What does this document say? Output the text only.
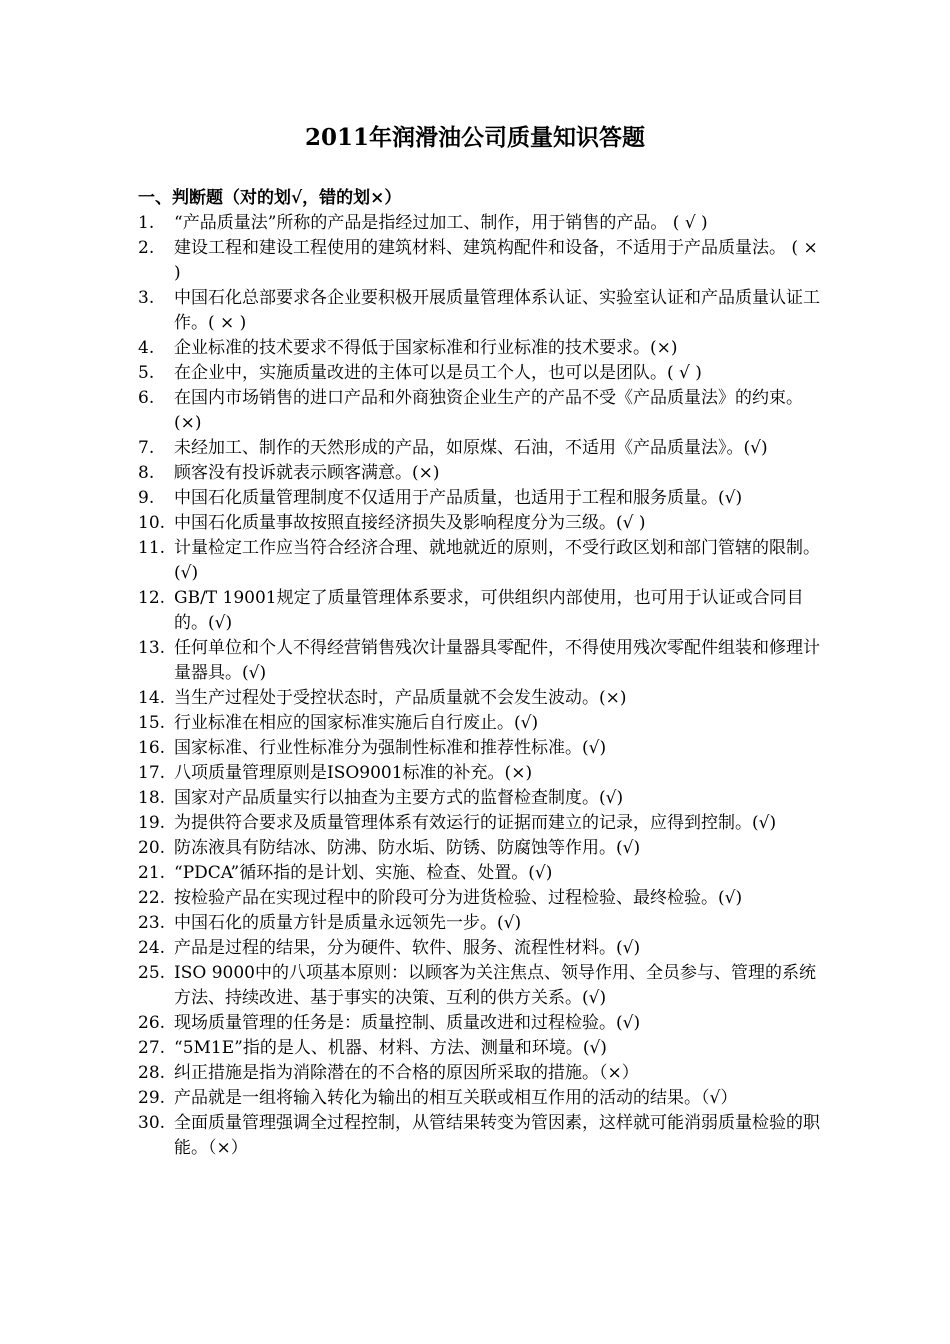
2011年润滑油公司质量知识答题
一、判断题（对的划√，错的划×）
1.	“产品质量法”所称的产品是指经过加工、制作，用于销售的产品。 ( √ )
2.	建设工程和建设工程使用的建筑材料、建筑构配件和设备，不适用于产品质量法。 ( × )
3.	中国石化总部要求各企业要积极开展质量管理体系认证、实验室认证和产品质量认证工作。( × )
4.	企业标准的技术要求不得低于国家标准和行业标准的技术要求。(×)
5.	在企业中，实施质量改进的主体可以是员工个人，也可以是团队。( √ )
6.	在国内市场销售的进口产品和外商独资企业生产的产品不受《产品质量法》的约束。(×)
7.	未经加工、制作的天然形成的产品，如原煤、石油，不适用《产品质量法》。(√)
8.	顾客没有投诉就表示顾客满意。(×)
9.	中国石化质量管理制度不仅适用于产品质量，也适用于工程和服务质量。(√)
10. 中国石化质量事故按照直接经济损失及影响程度分为三级。(√ )
11. 计量检定工作应当符合经济合理、就地就近的原则，不受行政区划和部门管辖的限制。(√)
12. GB/T 19001规定了质量管理体系要求，可供组织内部使用，也可用于认证或合同目的。(√)
13. 任何单位和个人不得经营销售残次计量器具零配件，不得使用残次零配件组装和修理计量器具。(√)
14. 当生产过程处于受控状态时，产品质量就不会发生波动。(×)
15. 行业标准在相应的国家标准实施后自行废止。(√)
16. 国家标准、行业性标准分为强制性标准和推荐性标准。(√)
17. 八项质量管理原则是ISO9001标准的补充。(×)
18. 国家对产品质量实行以抽查为主要方式的监督检查制度。(√)
19. 为提供符合要求及质量管理体系有效运行的证据而建立的记录，应得到控制。(√)
20. 防冻液具有防结冰、防沸、防水垢、防锈、防腐蚀等作用。(√)
21. “PDCA”循环指的是计划、实施、检查、处置。(√)
22. 按检验产品在实现过程中的阶段可分为进货检验、过程检验、最终检验。(√)
23. 中国石化的质量方针是质量永远领先一步。(√)
24. 产品是过程的结果，分为硬件、软件、服务、流程性材料。(√)
25. ISO 9000中的八项基本原则：以顾客为关注焦点、领导作用、全员参与、管理的系统方法、持续改进、基于事实的决策、互利的供方关系。(√)
26. 现场质量管理的任务是：质量控制、质量改进和过程检验。(√)
27. “5M1E”指的是人、机器、材料、方法、测量和环境。(√)
28. 纠正措施是指为消除潜在的不合格的原因所采取的措施。（×）
29. 产品就是一组将输入转化为输出的相互关联或相互作用的活动的结果。（√）
30. 全面质量管理强调全过程控制，从管结果转变为管因素，这样就可能消弱质量检验的职能。（×）
